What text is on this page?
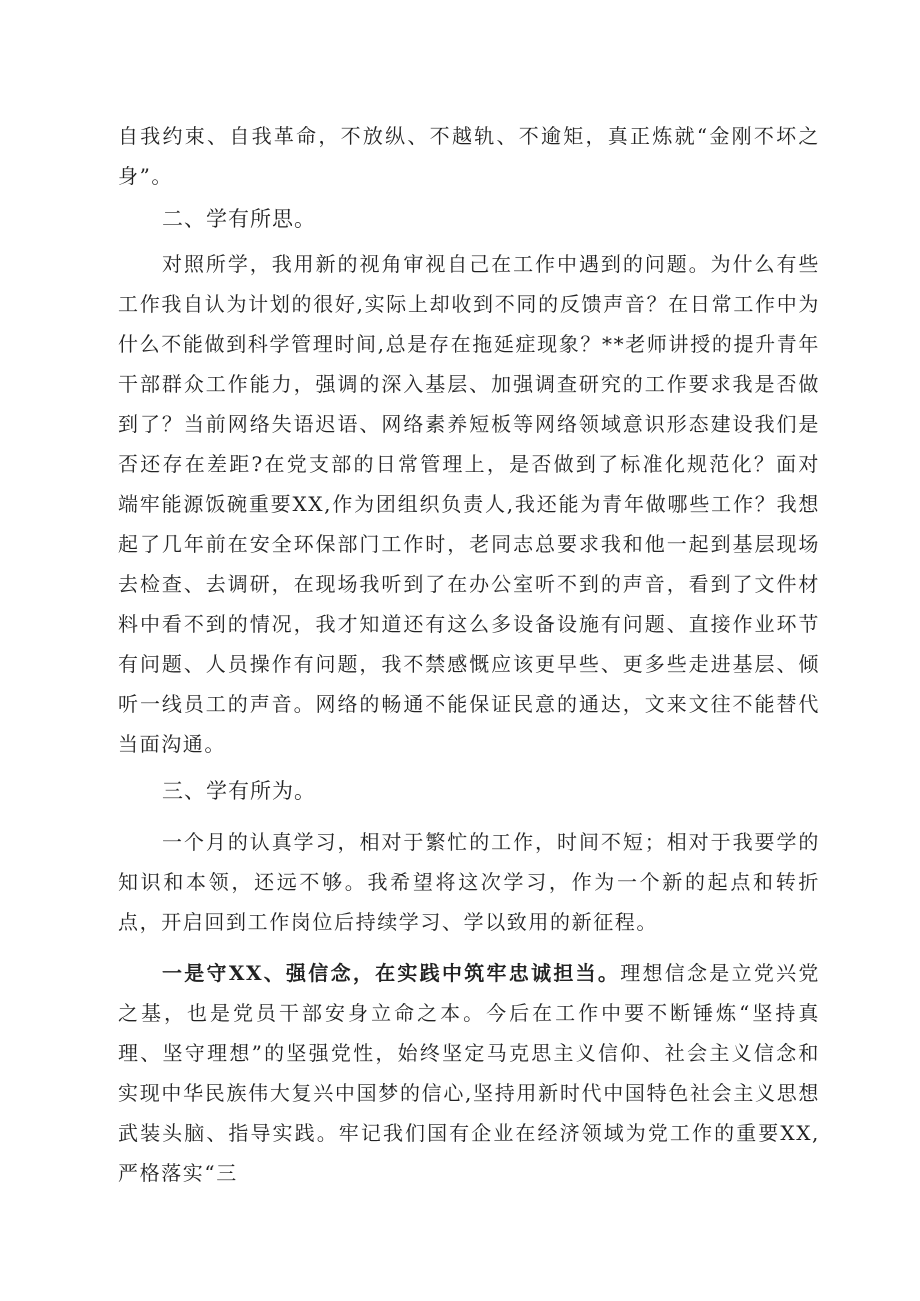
自我约束、自我革命，不放纵、不越轨、不逾矩，真正炼就“金刚不坏之身”。

二、学有所思。

对照所学，我用新的视角审视自己在工作中遇到的问题。为什么有些工作我自认为计划的很好,实际上却收到不同的反馈声音？在日常工作中为什么不能做到科学管理时间,总是存在拖延症现象？**老师讲授的提升青年干部群众工作能力，强调的深入基层、加强调查研究的工作要求我是否做到了？当前网络失语迟语、网络素养短板等网络领域意识形态建设我们是否还存在差距?在党支部的日常管理上，是否做到了标准化规范化？面对端牢能源饭碗重要XX,作为团组织负责人,我还能为青年做哪些工作？我想起了几年前在安全环保部门工作时，老同志总要求我和他一起到基层现场去检查、去调研，在现场我听到了在办公室听不到的声音，看到了文件材料中看不到的情况，我才知道还有这么多设备设施有问题、直接作业环节有问题、人员操作有问题，我不禁感慨应该更早些、更多些走进基层、倾听一线员工的声音。网络的畅通不能保证民意的通达，文来文往不能替代当面沟通。

三、学有所为。

一个月的认真学习，相对于繁忙的工作，时间不短；相对于我要学的知识和本领，还远不够。我希望将这次学习，作为一个新的起点和转折点，开启回到工作岗位后持续学习、学以致用的新征程。

一是守XX、强信念，在实践中筑牢忠诚担当。理想信念是立党兴党之基，也是党员干部安身立命之本。今后在工作中要不断锤炼“坚持真理、坚守理想”的坚强党性，始终坚定马克思主义信仰、社会主义信念和实现中华民族伟大复兴中国梦的信心,坚持用新时代中国特色社会主义思想武装头脑、指导实践。牢记我们国有企业在经济领域为党工作的重要XX,严格落实“三
